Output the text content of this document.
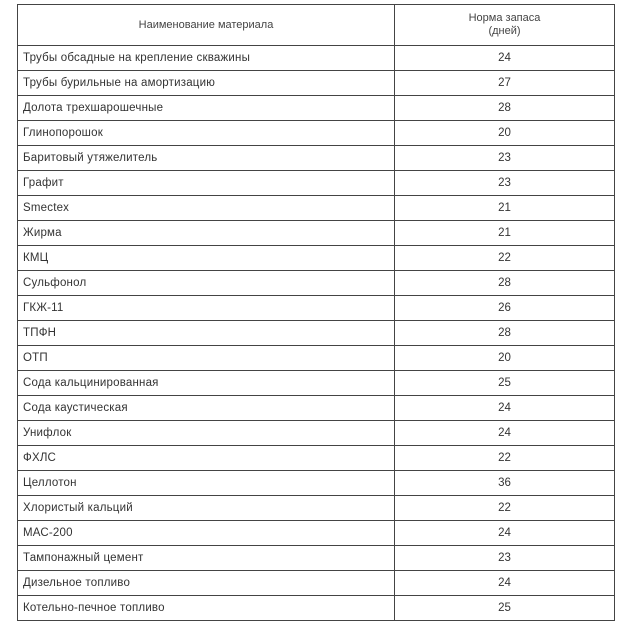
Наименование материала	Норма запаса
(дней)

Трубы обсадные на крепление скважины	24
Трубы бурильные на амортизацию	27
Долота трехшарошечные	28
Глинопорошок	20
Баритовый утяжелитель	23
Графит	23
Smectex	21
Жирма	21
КМЦ	22
Сульфонол	28
ГКЖ-11	26
ТПФН	28
ОТП	20
Сода кальцинированная	25
Сода каустическая	24
Унифлок	24
ФХЛС	22
Целлотон	36
Хлористый кальций	22
МАС-200	24
Тампонажный цемент	23
Дизельное топливо	24
Котельно-печное топливо	25
